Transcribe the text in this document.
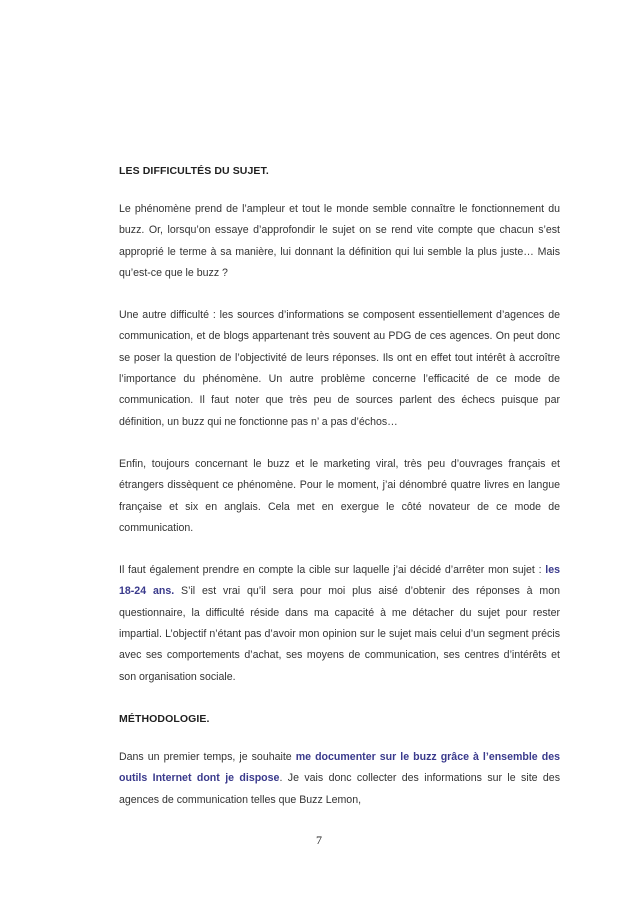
LES DIFFICULTÉS DU SUJET.

Le phénomène prend de l’ampleur et tout le monde semble connaître le fonctionnement du buzz. Or, lorsqu’on essaye d’approfondir le sujet on se rend vite compte que chacun s’est approprié le terme à sa manière, lui donnant la définition qui lui semble la plus juste… Mais qu’est-ce que le buzz ?

Une autre difficulté : les sources d’informations se composent essentiellement d’agences de communication, et de blogs appartenant très souvent au PDG de ces agences. On peut donc se poser la question de l’objectivité de leurs réponses. Ils ont en effet tout intérêt à accroître l’importance du phénomène. Un autre problème concerne l’efficacité de ce mode de communication. Il faut noter que très peu de sources parlent des échecs puisque par définition, un buzz qui ne fonctionne pas n’ a pas d’échos…

Enfin, toujours concernant le buzz et le marketing viral, très peu d’ouvrages français et étrangers dissèquent ce phénomène. Pour le moment, j’ai dénombré quatre livres en langue française et six en anglais. Cela met en exergue le côté novateur de ce mode de communication.

Il faut également prendre en compte la cible sur laquelle j’ai décidé d’arrêter mon sujet : les 18-24 ans. S’il est vrai qu’il sera pour moi plus aisé d’obtenir des réponses à mon questionnaire, la difficulté réside dans ma capacité à me détacher du sujet pour rester impartial. L’objectif n’étant pas d’avoir mon opinion sur le sujet mais celui d’un segment précis avec ses comportements d’achat, ses moyens de communication, ses centres d’intérêts et son organisation sociale.

MÉTHODOLOGIE.

Dans un premier temps, je souhaite me documenter sur le buzz grâce à l’ensemble des outils Internet dont je dispose. Je vais donc collecter des informations sur le site des agences de communication telles que Buzz Lemon,

7
